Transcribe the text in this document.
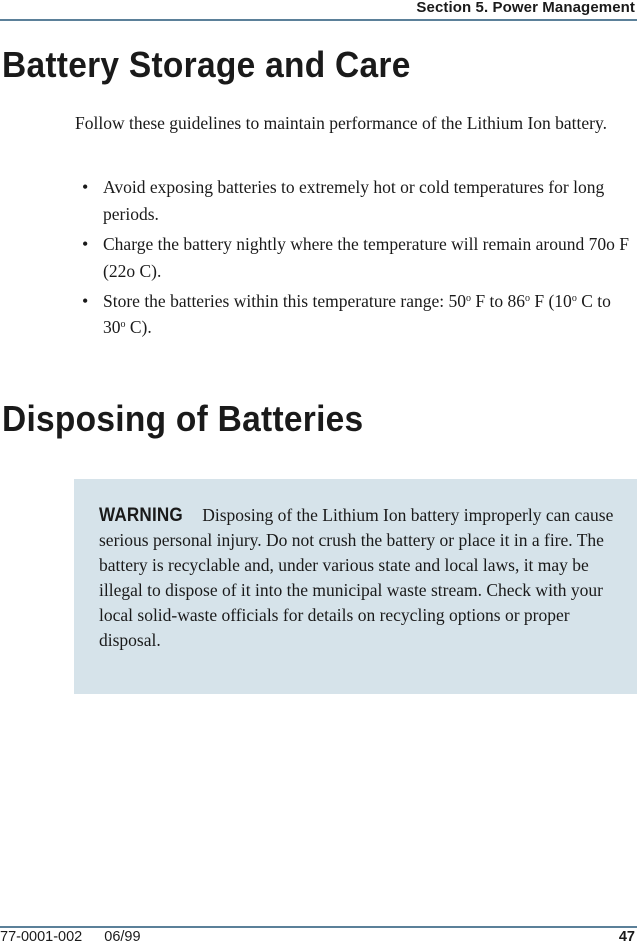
Section 5. Power Management
Battery Storage and Care

Follow these guidelines to maintain performance of the Lithium Ion battery.

• Avoid exposing batteries to extremely hot or cold temperatures for long periods.
• Charge the battery nightly where the temperature will remain around 70o F (22o C).
• Store the batteries within this temperature range: 50$^o$ F to 86$^o$ F (10$^o$ C to 30$^o$ C).
Disposing of Batteries

WARNING Disposing of the Lithium Ion battery improperly can cause serious personal injury. Do not crush the battery or place it in a fire. The battery is recyclable and, under various state and local laws, it may be illegal to dispose of it into the municipal waste stream. Check with your local solid-waste officials for details on recycling options or proper disposal.

77-0001-002 06/99	47
